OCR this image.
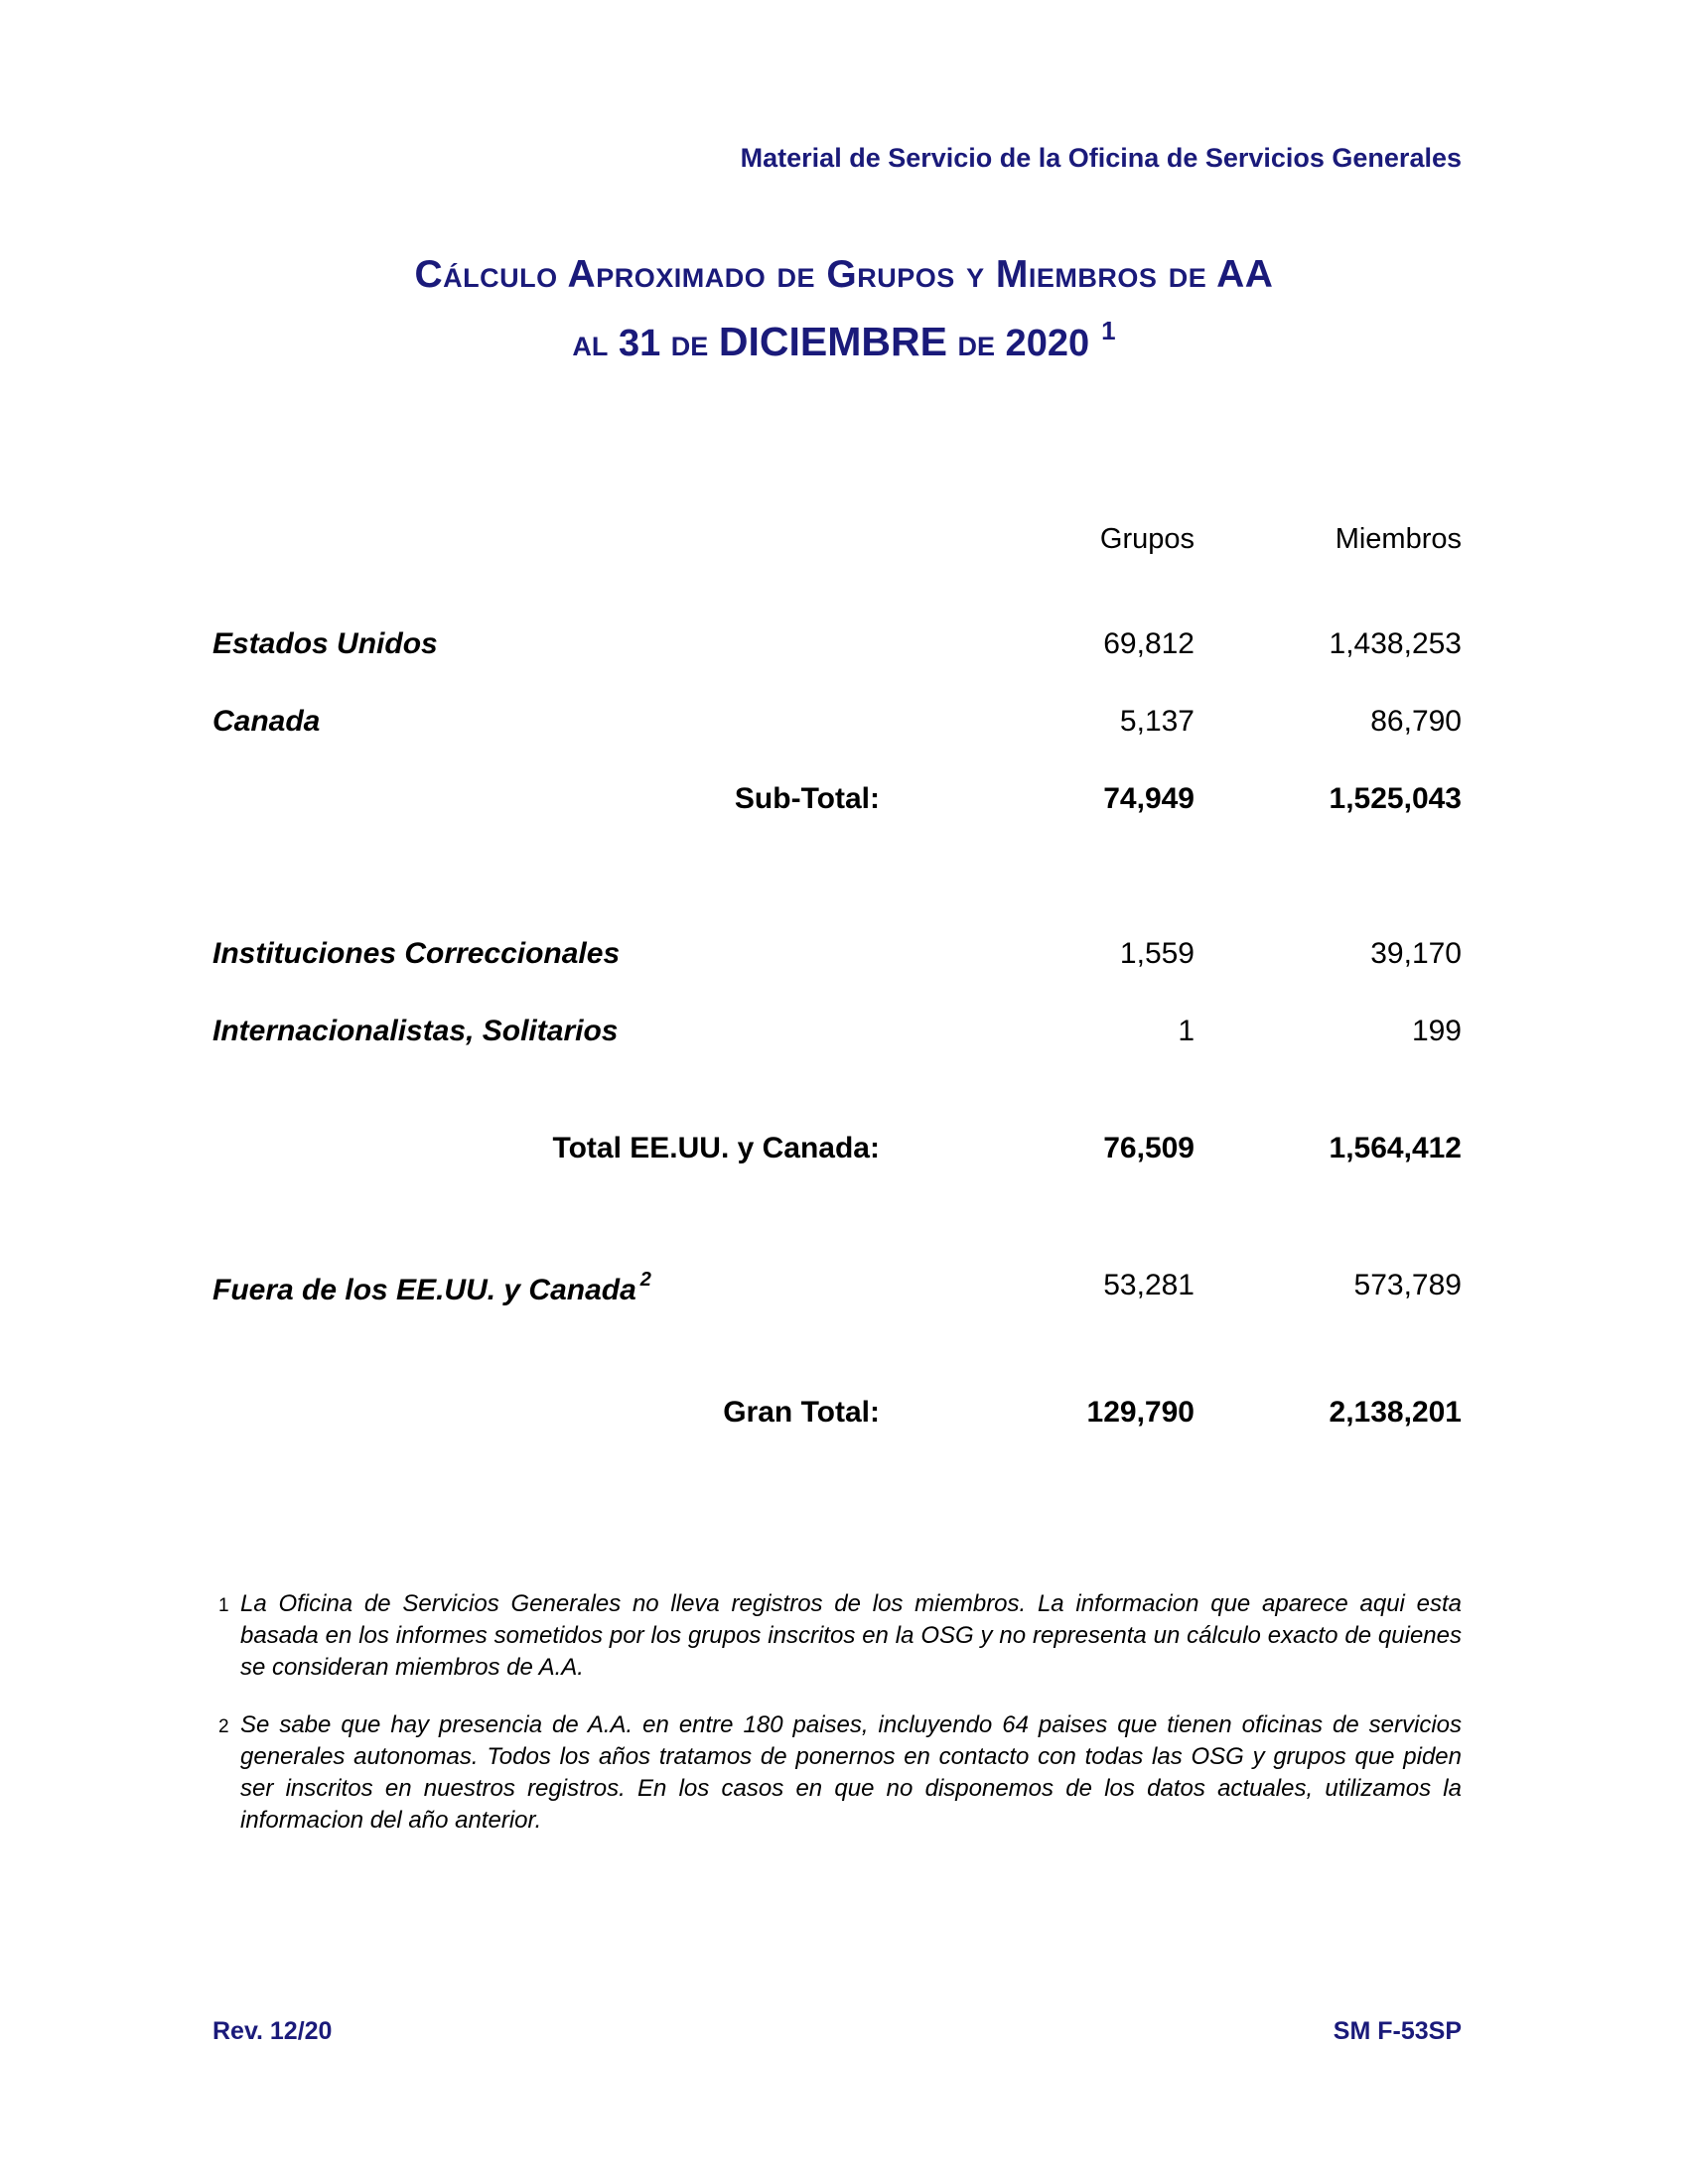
Material de Servicio de la Oficina de Servicios Generales
Cálculo Aproximado de Grupos y Miembros de AA
al 31 de DICIEMBRE de 2020 $^1$
Grupos	Miembros
Estados Unidos	69,812	1,438,253
Canada	5,137	86,790
Sub-Total:	74,949	1,525,043
Instituciones Correccionales	1,559	39,170
Internacionalistas, Solitarios	1	199
Total EE.UU. y Canada:	76,509	1,564,412
Fuera de los EE.UU. y Canada $^2$	53,281	573,789
Gran Total:	129,790	2,138,201
1 La Oficina de Servicios Generales no lleva registros de los miembros. La informacion que aparece aqui esta basada en los informes sometidos por los grupos inscritos en la OSG y no representa un cálculo exacto de quienes se consideran miembros de A.A.
2 Se sabe que hay presencia de A.A. en entre 180 paises, incluyendo 64 paises que tienen oficinas de servicios generales autonomas. Todos los años tratamos de ponernos en contacto con todas las OSG y grupos que piden ser inscritos en nuestros registros. En los casos en que no disponemos de los datos actuales, utilizamos la informacion del año anterior.
Rev. 12/20	SM F-53SP
